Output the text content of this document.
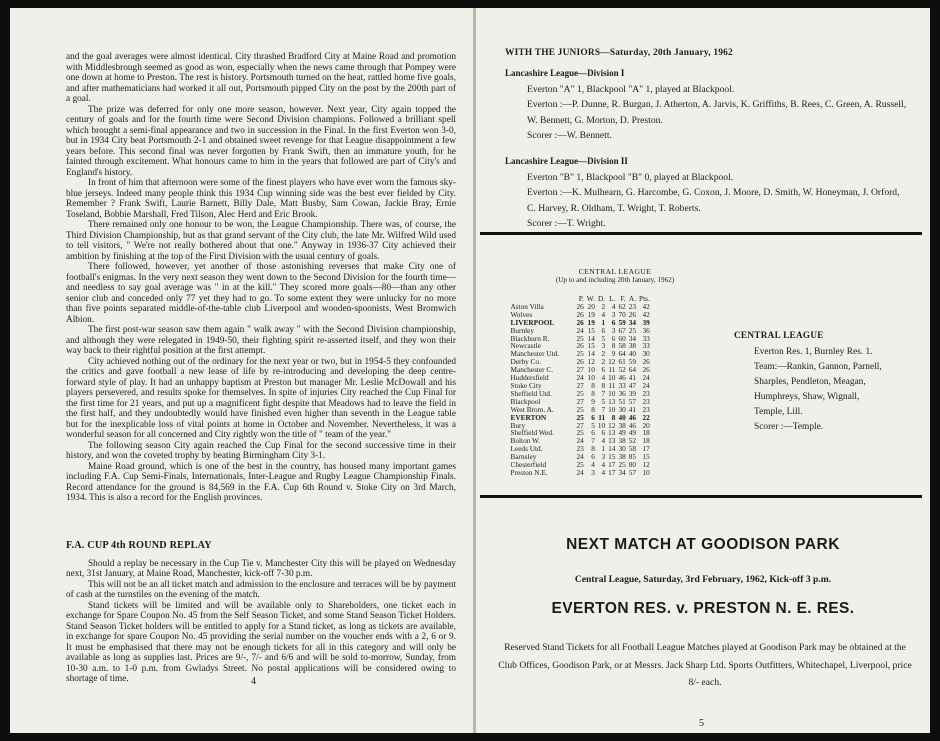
and the goal averages were almost identical. City thrashed Bradford City at Maine Road and promotion with Middlesbrough seemed as good as won, especially when the news came through that Pompey were one down at home to Preston. The rest is history. Portsmouth turned on the heat, rattled home five goals, and after mathematicians had worked it all out, Portsmouth pipped City on the post by the 200th part of a goal.

The prize was deferred for only one more season, however. Next year, City again topped the century of goals and for the fourth time were Second Division champions. Followed a brilliant spell which brought a semi-final appearance and two in succession in the Final. In the first Everton won 3-0, but in 1934 City beat Portsmouth 2-1 and obtained sweet revenge for that League disappointment a few years before. This second final was never forgotten by Frank Swift, then an immature youth, for he fainted through excitement. What honours came to him in the years that followed are part of City's and England's history.

In front of him that afternoon were some of the finest players who have ever worn the famous sky-blue jerseys. Indeed many people think this 1934 Cup winning side was the best ever fielded by City. Remember ? Frank Swift, Laurie Barnett, Billy Dale, Matt Busby, Sam Cowan, Jackie Bray, Ernie Toseland, Bobbie Marshall, Fred Tilson, Alec Herd and Eric Brook.

There remained only one honour to be won, the League Championship. There was, of course, the Third Division Championship, but as that grand servant of the City club, the late Mr. Wilfred Wild used to tell visitors, " We're not really bothered about that one." Anyway in 1936-37 City achieved their ambition by finishing at the top of the First Division with the usual century of goals.

There followed, however, yet another of those astonishing reverses that make City one of football's enigmas. In the very next season they went down to the Second Division for the fourth time—and needless to say goal average was " in at the kill." They scored more goals—80—than any other senior club and conceded only 77 yet they had to go. To some extent they were unlucky for no more than five points separated middle-of-the-table club Liverpool and wooden-spoonists, West Bromwich Albion.

The first post-war season saw them again " walk away " with the Second Division championship, and although they were relegated in 1949-50, their fighting spirit re-asserted itself, and they won their way back to their rightful position at the first attempt.

City achieved nothing out of the ordinary for the next year or two, but in 1954-5 they confounded the critics and gave football a new lease of life by re-introducing and developing the deep centre-forward style of play. It had an unhappy baptism at Preston but manager Mr. Leslie McDowall and his players persevered, and results spoke for themselves. In spite of injuries City reached the Cup Final for the first time for 21 years, and put up a magnificent fight despite that Meadows had to leave the field in the first half, and they undoubtedly would have finished even higher than seventh in the League table but for the inexplicable loss of vital points at home in October and November. Nevertheless, it was a wonderful season for all concerned and City rightly won the title of " team of the year."

The following season City again reached the Cup Final for the second successive time in their history, and won the coveted trophy by beating Birmingham City 3-1.

Maine Road ground, which is one of the best in the country, has housed many important games including F.A. Cup Semi-Finals, Internationals, Inter-League and Rugby League Championship Finals. Record attendance for the ground is 84,569 in the F.A. Cup 6th Round v. Stoke City on 3rd March, 1934. This is also a record for the English provinces.

F.A. CUP 4th ROUND REPLAY

Should a replay be necessary in the Cup Tie v. Manchester City this will be played on Wednesday next, 31st January, at Maine Road, Manchester, kick-off 7-30 p.m.

This will not be an all ticket match and admission to the enclosure and terraces will be by payment of cash at the turnstiles on the evening of the match.

Stand tickets will be limited and will be available only to Shareholders, one ticket each in exchange for Spare Coupon No. 45 from the Self Season Ticket, and some Stand Season Ticket Holders. Stand Season Ticket holders will be entitled to apply for a Stand ticket, as long as tickets are available, in exchange for spare Coupon No. 45 providing the serial number on the voucher ends with a 2, 6 or 9. It must be emphasised that there may not be enough tickets for all in this category and will only be available as long as supplies last. Prices are 9/-, 7/- and 6/6 and will be sold to-morrow, Sunday, from 10-30 a.m. to 1-0 p.m. from Gwladys Street. No postal applications will be considered owing to shortage of time.	4
WITH THE JUNIORS—Saturday, 20th January, 1962
Lancashire League—Division I
Everton "A" 1, Blackpool "A" 1, played at Blackpool.
Everton :—P. Dunne, R. Burgan, J. Atherton, A. Jarvis, K. Griffiths, B. Rees, C. Green, A. Russell, W. Bennett, G. Morton, D. Preston.
Scorer :—W. Bennett.
Lancashire League—Division II
Everton "B" 1, Blackpool "B" 0, played at Blackpool.
Everton :—K. Mulhearn, G. Harcombe, G. Coxon, J. Moore, D. Smith, W. Honeyman, J. Orford, C. Harvey, R. Oldham, T. Wright, T. Roberts.
Scorer :—T. Wright.
CENTRAL LEAGUE
(Up to and including 20th January, 1962)
	P.	W.	D.	L.	F.	A.	Pts.
Aston Villa	26	20	2	4	62	23	42
Wolves	26	19	4	3	70	26	42
LIVERPOOL	26	19	1	6	59	34	39
Burnley	24	15	6	3	67	25	36
Blackburn R.	25	14	5	6	60	34	33
Newcastle	26	15	3	8	58	38	33
Manchester Utd.	25	14	2	9	64	40	30
Derby Co.	26	12	2	12	61	59	26
Manchester C.	27	10	6	11	52	64	26
Huddersfield	24	10	4	10	46	41	24
Stoke City	27	8	8	11	33	47	24
Sheffield Utd.	25	8	7	10	36	39	23
Blackpool	27	9	5	13	51	57	23
West Brom. A.	25	8	7	10	30	41	23
EVERTON	25	6	11	8	40	46	22
Bury	27	5	10	12	38	46	20
Sheffield Wed.	25	6	6	13	49	49	18
Bolton W.	24	7	4	13	38	52	18
Leeds Utd.	23	8	1	14	30	58	17
Barnsley	24	6	3	15	38	85	15
Chesterfield	25	4	4	17	25	80	12
Preston N.E.	24	3	4	17	34	57	10
CENTRAL LEAGUE
Everton Res. 1, Burnley Res. 1.
Team:—Rankin, Gannon, Parnell, Sharples, Pendleton, Meagan, Humphreys, Shaw, Wignall, Temple, Lill.
Scorer :—Temple.
NEXT MATCH AT GOODISON PARK
Central League, Saturday, 3rd February, 1962, Kick-off 3 p.m.
EVERTON RES. v. PRESTON N. E. RES.
Reserved Stand Tickets for all Football League Matches played at Goodison Park may be obtained at the Club Offices, Goodison Park, or at Messrs. Jack Sharp Ltd. Sports Outfitters, Whitechapel, Liverpool, price 8/- each.
5
